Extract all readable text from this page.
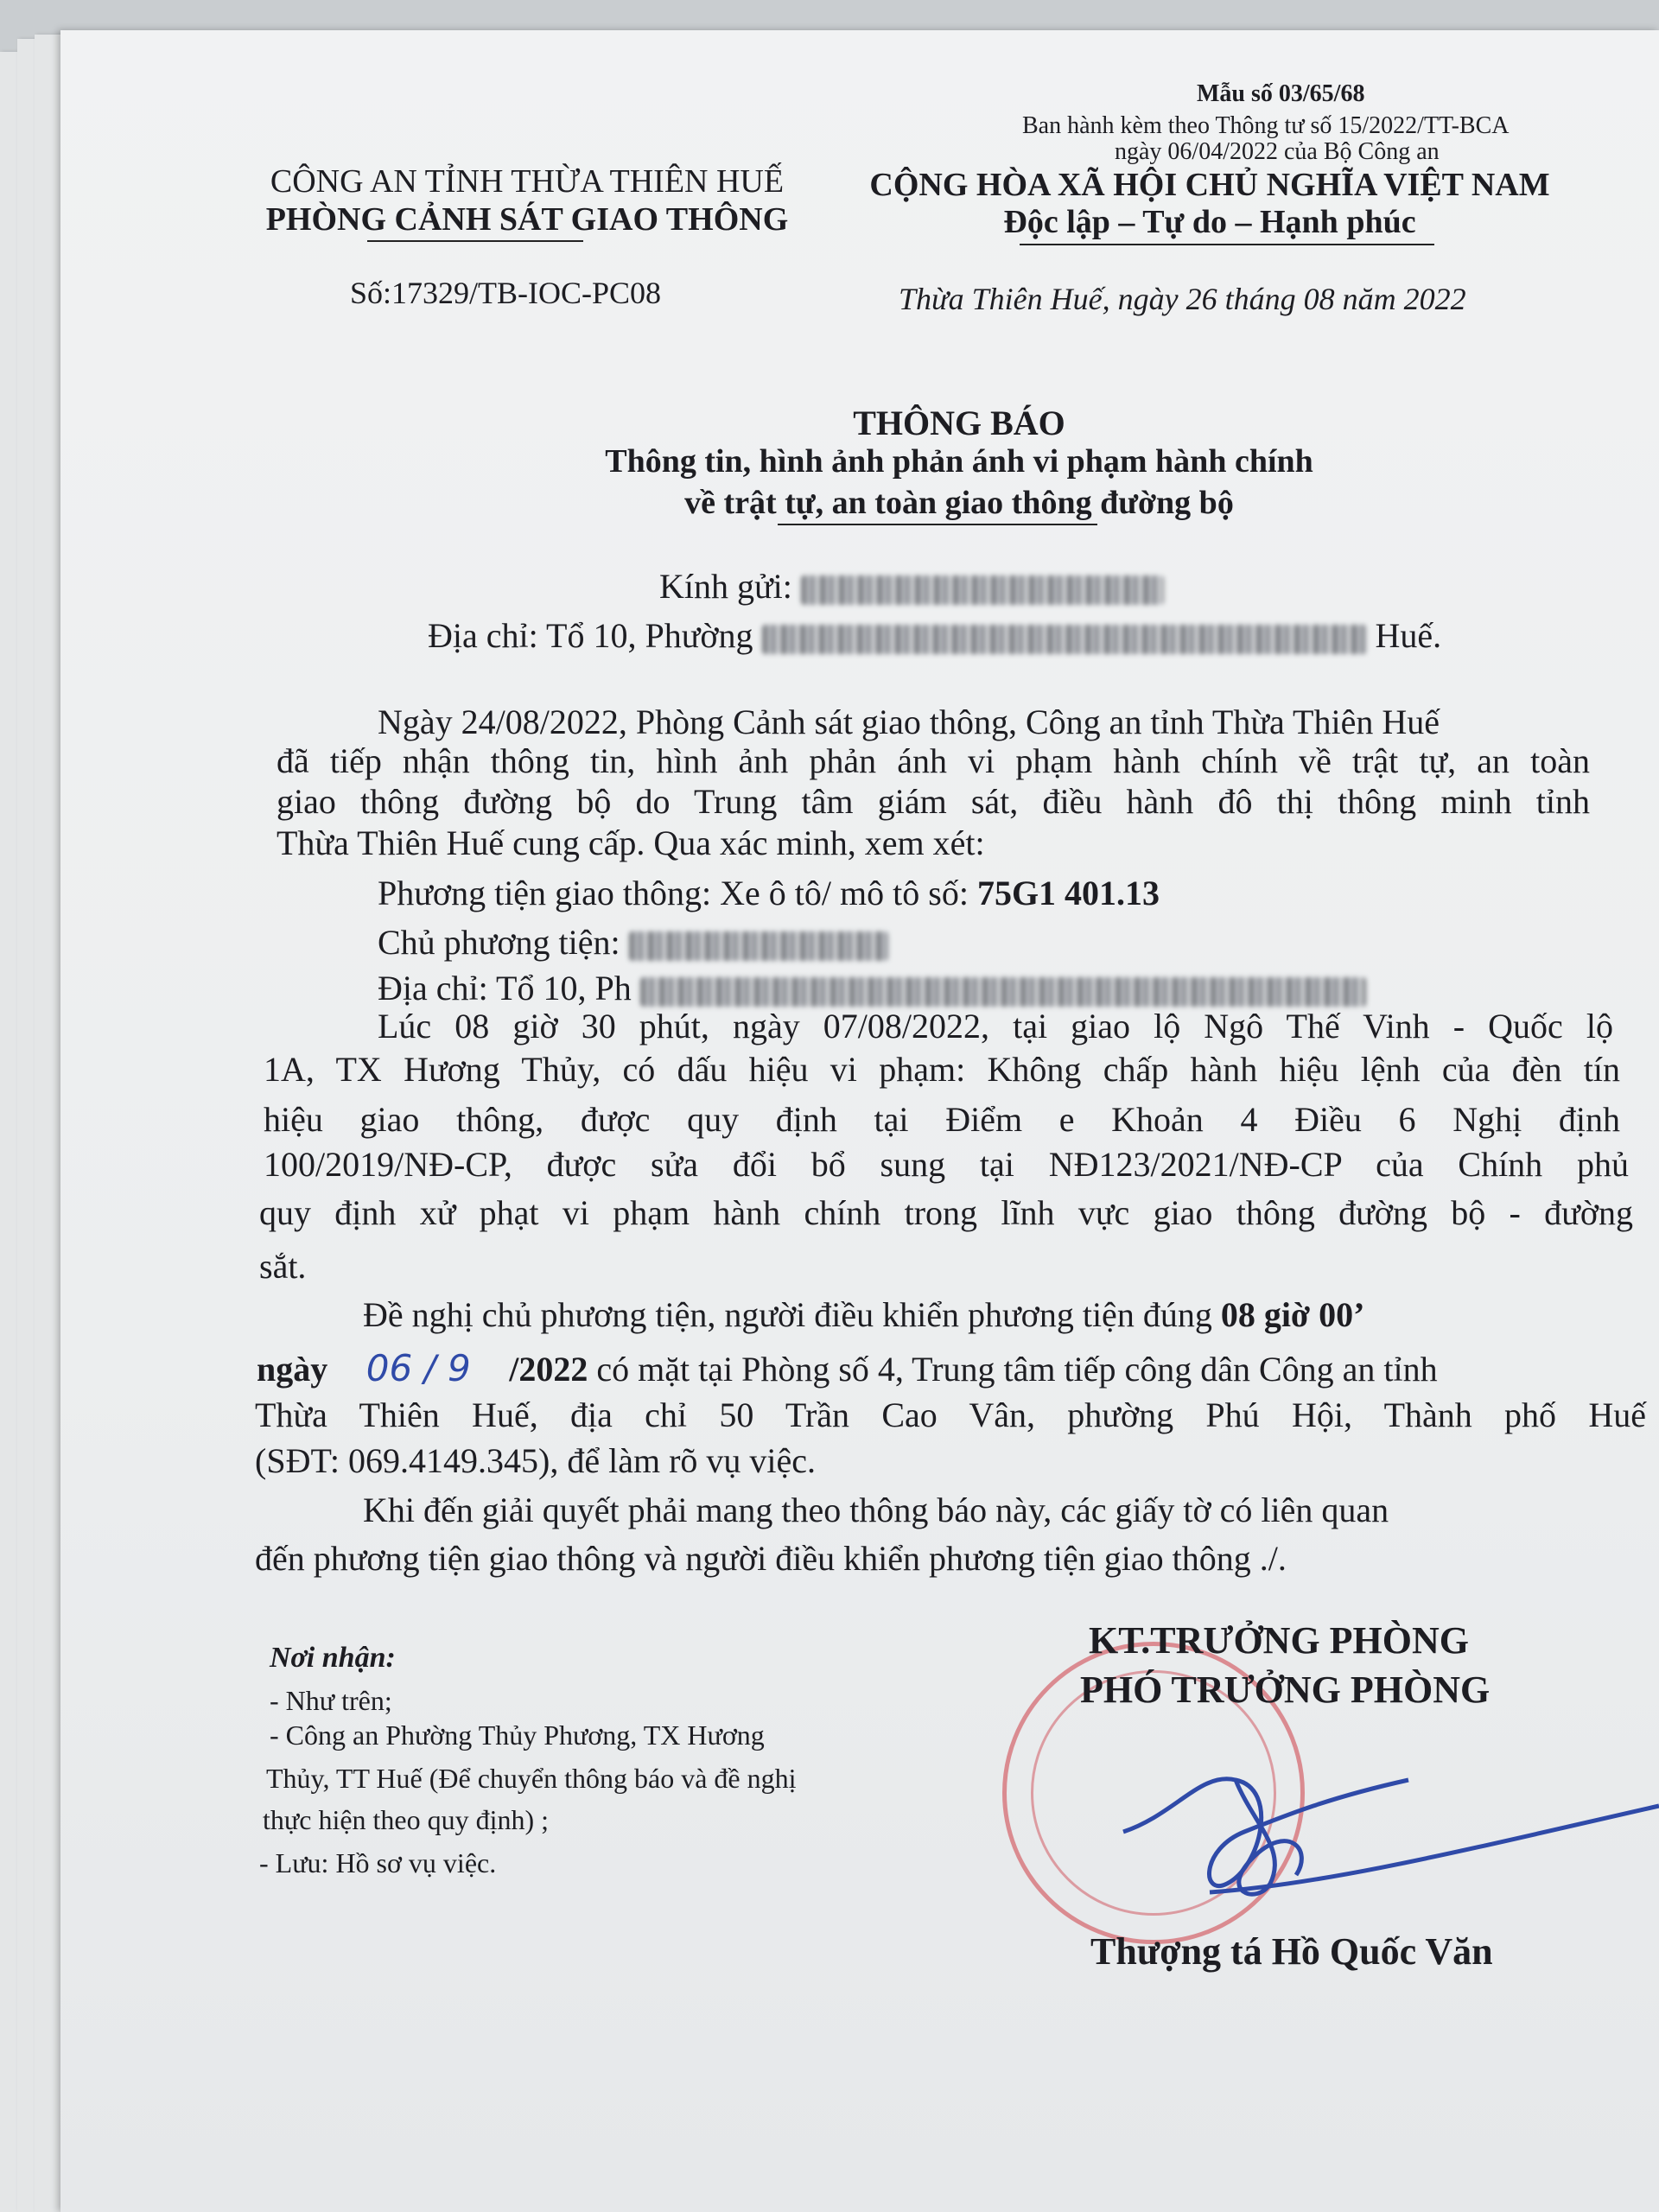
Mẫu số 03/65/68
Ban hành kèm theo Thông tư số 15/2022/TT-BCA
ngày 06/04/2022 của Bộ Công an
CÔNG AN TỈNH THỪA THIÊN HUẾ
PHÒNG CẢNH SÁT GIAO THÔNG
CỘNG HÒA XÃ HỘI CHỦ NGHĨA VIỆT NAM
Độc lập – Tự do – Hạnh phúc
Số:17329/TB-IOC-PC08	Thừa Thiên Huế, ngày 26 tháng 08 năm 2022
THÔNG BÁO
Thông tin, hình ảnh phản ánh vi phạm hành chính
về trật tự, an toàn giao thông đường bộ
Kính gửi:
Địa chỉ: Tổ 10, Phường	Huế.
Ngày 24/08/2022, Phòng Cảnh sát giao thông, Công an tỉnh Thừa Thiên Huế
đã tiếp nhận thông tin, hình ảnh phản ánh vi phạm hành chính về trật tự, an toàn
giao thông đường bộ do Trung tâm giám sát, điều hành đô thị thông minh tỉnh
Thừa Thiên Huế cung cấp. Qua xác minh, xem xét:
Phương tiện giao thông: Xe ô tô/ mô tô số: 75G1 401.13
Chủ phương tiện:
Địa chỉ: Tổ 10, Ph
Lúc 08 giờ 30 phút, ngày 07/08/2022, tại giao lộ Ngô Thế Vinh - Quốc lộ
1A, TX Hương Thủy, có dấu hiệu vi phạm: Không chấp hành hiệu lệnh của đèn tín
hiệu giao thông, được quy định tại Điểm e Khoản 4 Điều 6 Nghị định
100/2019/NĐ-CP, được sửa đổi bổ sung tại NĐ123/2021/NĐ-CP của Chính phủ
quy định xử phạt vi phạm hành chính trong lĩnh vực giao thông đường bộ - đường
sắt.
Đề nghị chủ phương tiện, người điều khiển phương tiện đúng 08 giờ 00’
ngày 06 / 9 /2022 có mặt tại Phòng số 4, Trung tâm tiếp công dân Công an tỉnh
Thừa Thiên Huế, địa chỉ 50 Trần Cao Vân, phường Phú Hội, Thành phố Huế
(SĐT: 069.4149.345), để làm rõ vụ việc.
Khi đến giải quyết phải mang theo thông báo này, các giấy tờ có liên quan
đến phương tiện giao thông và người điều khiển phương tiện giao thông ./.
Nơi nhận:
- Như trên;
- Công an Phường Thủy Phương, TX Hương
Thủy, TT Huế (Để chuyển thông báo và đề nghị
thực hiện theo quy định) ;
- Lưu: Hồ sơ vụ việc.
KT.TRƯỞNG PHÒNG
PHÓ TRƯỞNG PHÒNG
Thượng tá Hồ Quốc Văn
